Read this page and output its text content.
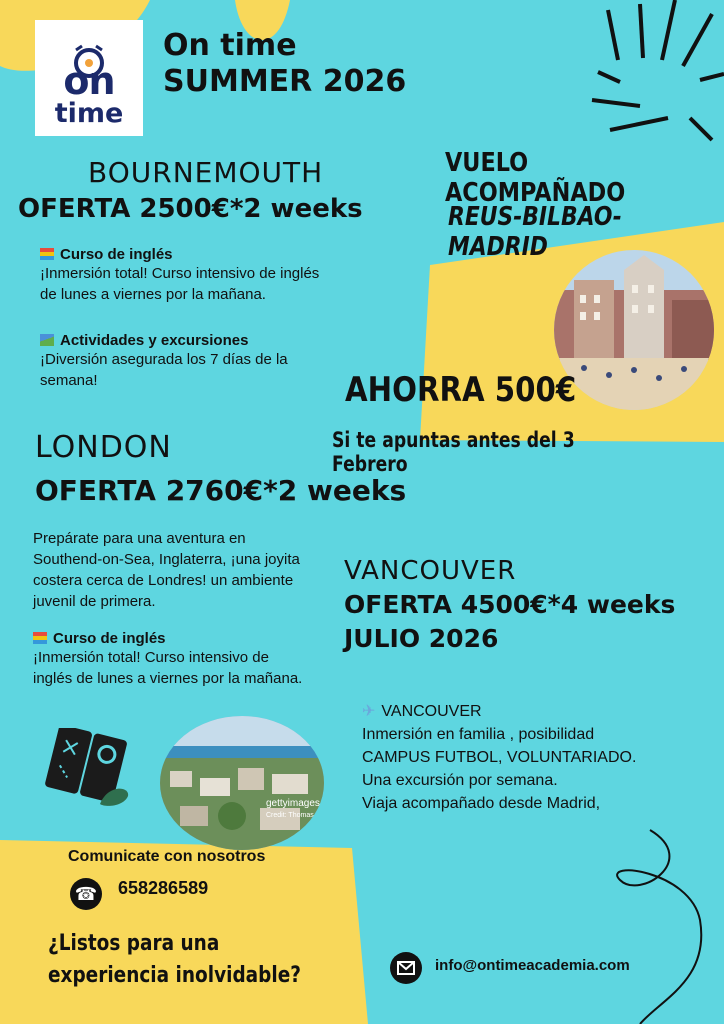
on
time
On time
SUMMER 2026
VUELO ACOMPAÑADO
REUS-BILBAO-MADRID
BOURNEMOUTH
OFERTA 2500€*2 weeks
Curso de inglés
¡Inmersión total! Curso intensivo de inglés de lunes a viernes por la mañana.
Actividades y excursiones
¡Diversión asegurada los 7 días de la semana!	AHORRA 500€
Si te apuntas antes del 3 Febrero
LONDON
OFERTA 2760€*2 weeks
Prepárate para una aventura en Southend-on-Sea, Inglaterra, ¡una joyita costera cerca de Londres! un ambiente juvenil de primera.
Curso de inglés
¡Inmersión total! Curso intensivo de inglés de lunes a viernes por la mañana.
VANCOUVER
OFERTA 4500€*4 weeks
JULIO 2026
✈ VANCOUVER
Inmersión en familia , posibilidad
CAMPUS FUTBOL, VOLUNTARIADO.
Una excursión por semana.
Viaja acompañado desde Madrid,
gettyimages
Credit: Thomas F
Comunicate con nosotros
☎ 658286589
¿Listos para una experiencia inolvidable?	info@ontimeacademia.com
